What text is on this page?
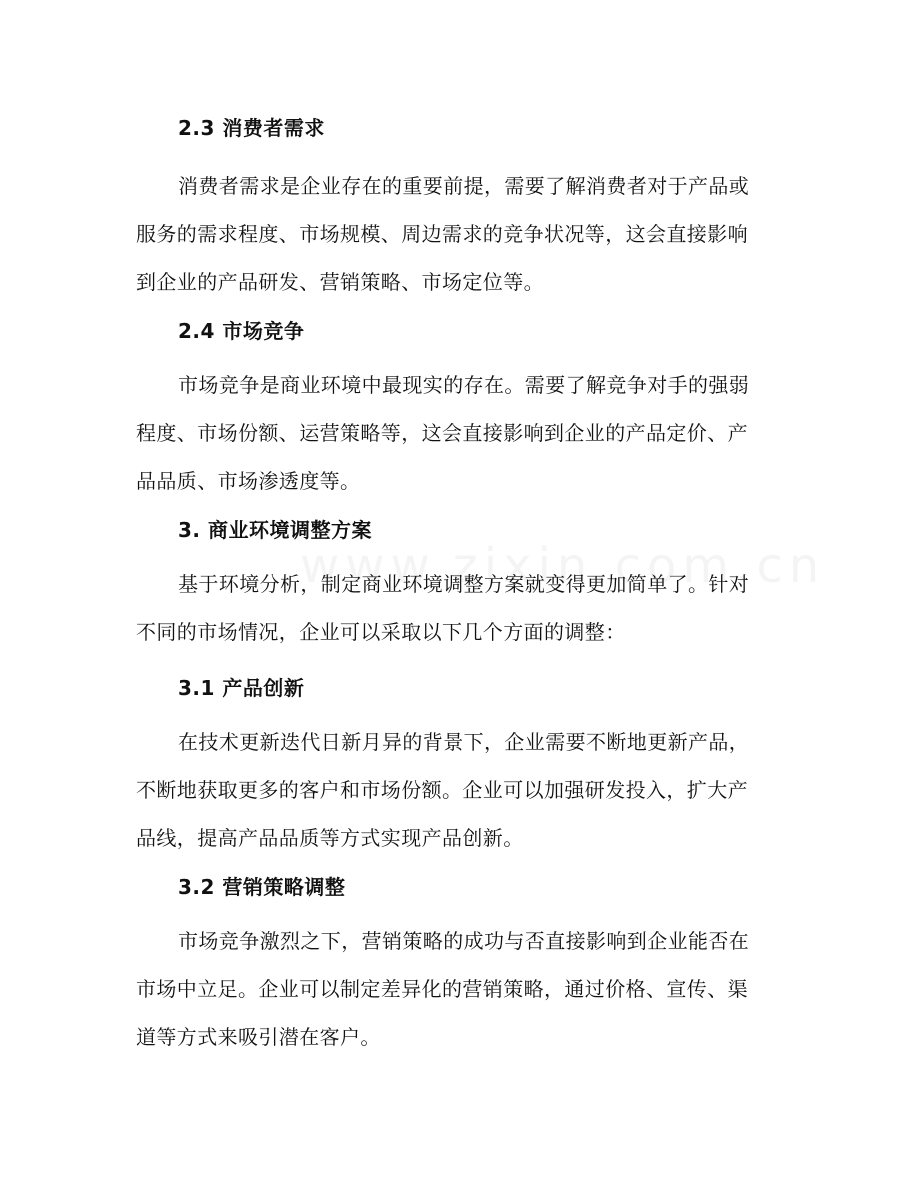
2.3 消费者需求
消费者需求是企业存在的重要前提，需要了解消费者对于产品或
服务的需求程度、市场规模、周边需求的竞争状况等，这会直接影响
到企业的产品研发、营销策略、市场定位等。
2.4 市场竞争
市场竞争是商业环境中最现实的存在。需要了解竞争对手的强弱
程度、市场份额、运营策略等，这会直接影响到企业的产品定价、产
品品质、市场渗透度等。
3. 商业环境调整方案
基于环境分析，制定商业环境调整方案就变得更加简单了。针对
不同的市场情况，企业可以采取以下几个方面的调整：
3.1 产品创新
在技术更新迭代日新月异的背景下，企业需要不断地更新产品，
不断地获取更多的客户和市场份额。企业可以加强研发投入，扩大产
品线，提高产品品质等方式实现产品创新。
3.2 营销策略调整
市场竞争激烈之下，营销策略的成功与否直接影响到企业能否在
市场中立足。企业可以制定差异化的营销策略，通过价格、宣传、渠
道等方式来吸引潜在客户。
